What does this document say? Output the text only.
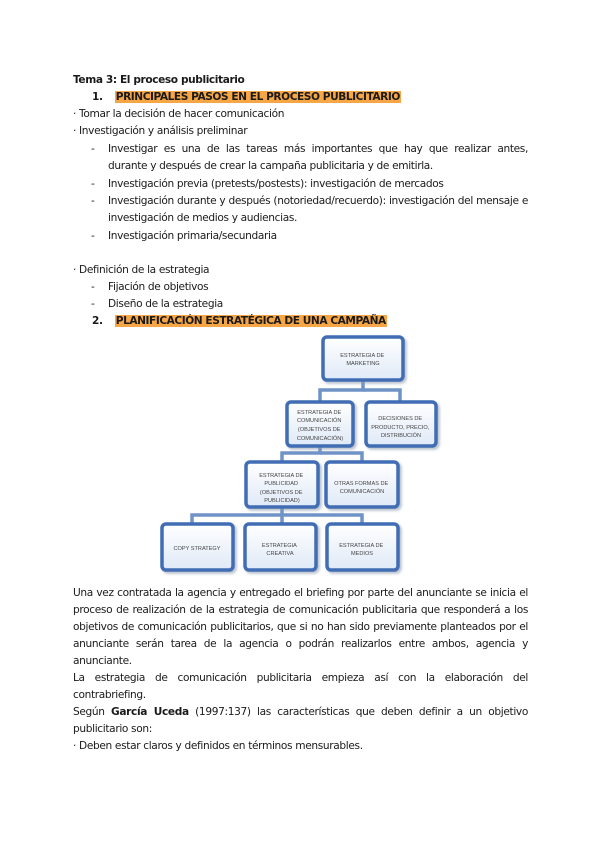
Tema 3: El proceso publicitario
1. PRINCIPALES PASOS EN EL PROCESO PUBLICITARIO
· Tomar la decisión de hacer comunicación
· Investigación y análisis preliminar
- Investigar es una de las tareas más importantes que hay que realizar antes, durante y después de crear la campaña publicitaria y de emitirla.
- Investigación previa (pretests/postests): investigación de mercados
- Investigación durante y después (notoriedad/recuerdo): investigación del mensaje e investigación de medios y audiencias.
- Investigación primaria/secundaria
· Definición de la estrategia
- Fijación de objetivos
- Diseño de la estrategia
2. PLANIFICACIÓN ESTRATÉGICA DE UNA CAMPAÑA
ESTRATEGIA DE MARKETING
ESTRATEGIA DE COMUNICACIÓN (OBJETIVOS DE COMUNICACIÓN)
DECISIONES DE PRODUCTO, PRECIO, DISTRIBUCIÓN
ESTRATEGIA DE PUBLICIDAD (OBJETIVOS DE PUBLICIDAD)
OTRAS FORMAS DE COMUNICACIÓN
COPY STRATEGY	ESTRATEGIA CREATIVA
ESTRATEGIA DE MEDIOS
Una vez contratada la agencia y entregado el briefing por parte del anunciante se inicia el proceso de realización de la estrategia de comunicación publicitaria que responderá a los objetivos de comunicación publicitarios, que si no han sido previamente planteados por el anunciante serán tarea de la agencia o podrán realizarlos entre ambos, agencia y anunciante.
La estrategia de comunicación publicitaria empieza así con la elaboración del contrabriefing.
Según García Uceda (1997:137) las características que deben definir a un objetivo publicitario son:
· Deben estar claros y definidos en términos mensurables.
